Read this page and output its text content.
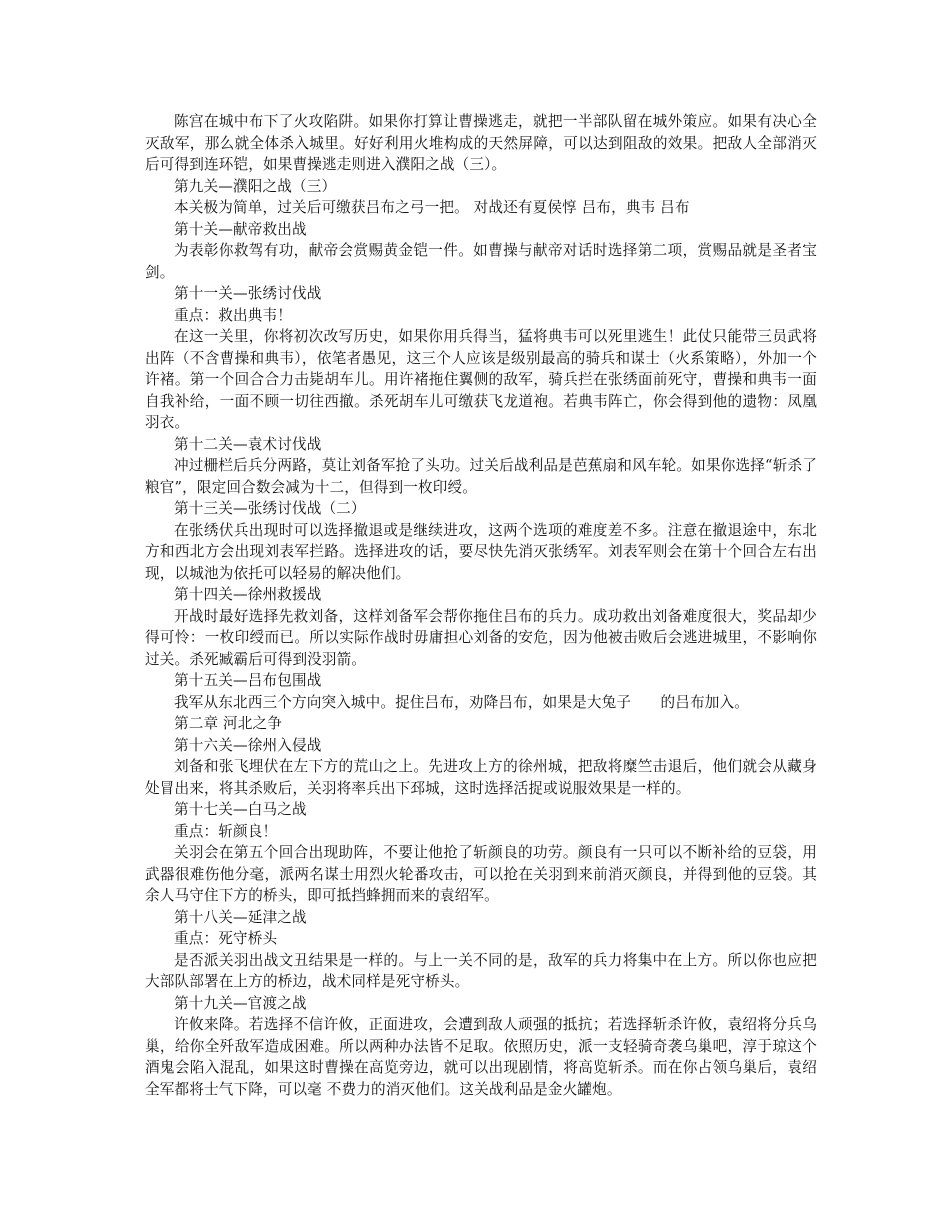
陈宫在城中布下了火攻陷阱。如果你打算让曹操逃走，就把一半部队留在城外策应。如果有决心全灭敌军，那么就全体杀入城里。好好利用火堆构成的天然屏障，可以达到阻敌的效果。把敌人全部消灭后可得到连环铠，如果曹操逃走则进入濮阳之战（三）。

第九关—濮阳之战（三）

本关极为简单，过关后可缴获吕布之弓一把。 对战还有夏侯惇 吕布，典韦 吕布

第十关—献帝救出战

为表彰你救驾有功，献帝会赏赐黄金铠一件。如曹操与献帝对话时选择第二项，赏赐品就是圣者宝剑。

第十一关—张绣讨伐战

重点：救出典韦！

在这一关里，你将初次改写历史，如果你用兵得当，猛将典韦可以死里逃生！此仗只能带三员武将出阵（不含曹操和典韦），依笔者愚见，这三个人应该是级别最高的骑兵和谋士（火系策略），外加一个许褚。第一个回合合力击毙胡车儿。用许褚拖住翼侧的敌军，骑兵拦在张绣面前死守，曹操和典韦一面自我补给，一面不顾一切往西撤。杀死胡车儿可缴获飞龙道袍。若典韦阵亡，你会得到他的遗物：凤凰羽衣。

第十二关—袁术讨伐战

冲过栅栏后兵分两路，莫让刘备军抢了头功。过关后战利品是芭蕉扇和风车轮。如果你选择“斩杀了粮官”，限定回合数会减为十二，但得到一枚印绶。

第十三关—张绣讨伐战（二）

在张绣伏兵出现时可以选择撤退或是继续进攻，这两个选项的难度差不多。注意在撤退途中，东北方和西北方会出现刘表军拦路。选择进攻的话，要尽快先消灭张绣军。刘表军则会在第十个回合左右出现，以城池为依托可以轻易的解决他们。

第十四关—徐州救援战

开战时最好选择先救刘备，这样刘备军会帮你拖住吕布的兵力。成功救出刘备难度很大，奖品却少得可怜：一枚印绶而已。所以实际作战时毋庸担心刘备的安危，因为他被击败后会逃进城里，不影响你过关。杀死臧霸后可得到没羽箭。

第十五关—吕布包围战

我军从东北西三个方向突入城中。捉住吕布，劝降吕布，如果是大兔子　　的吕布加入。

第二章 河北之争

第十六关—徐州入侵战

刘备和张飞埋伏在左下方的荒山之上。先进攻上方的徐州城，把敌将糜竺击退后，他们就会从藏身处冒出来，将其杀败后，关羽将率兵出下邳城，这时选择活捉或说服效果是一样的。

第十七关—白马之战

重点：斩颜良！

关羽会在第五个回合出现助阵，不要让他抢了斩颜良的功劳。颜良有一只可以不断补给的豆袋，用武器很难伤他分毫，派两名谋士用烈火轮番攻击，可以抢在关羽到来前消灭颜良，并得到他的豆袋。其余人马守住下方的桥头，即可抵挡蜂拥而来的袁绍军。

第十八关—延津之战

重点：死守桥头

是否派关羽出战文丑结果是一样的。与上一关不同的是，敌军的兵力将集中在上方。所以你也应把大部队部署在上方的桥边，战术同样是死守桥头。

第十九关—官渡之战

许攸来降。若选择不信许攸，正面进攻，会遭到敌人顽强的抵抗；若选择斩杀许攸，袁绍将分兵乌巢，给你全歼敌军造成困难。所以两种办法皆不足取。依照历史，派一支轻骑奇袭乌巢吧，淳于琼这个酒鬼会陷入混乱，如果这时曹操在高览旁边，就可以出现剧情，将高览斩杀。而在你占领乌巢后，袁绍全军都将士气下降，可以毫 不费力的消灭他们。这关战利品是金火罐炮。
